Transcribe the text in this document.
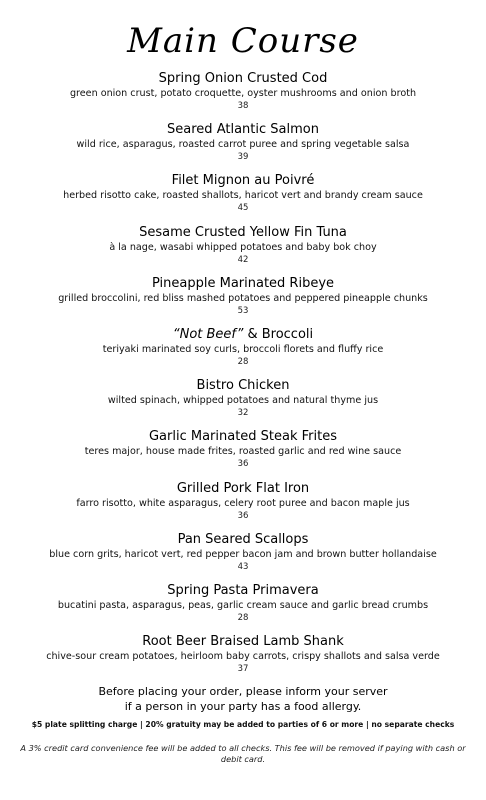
Main Course
Spring Onion Crusted Cod
green onion crust, potato croquette, oyster mushrooms and onion broth
38
Seared Atlantic Salmon
wild rice, asparagus, roasted carrot puree and spring vegetable salsa
39
Filet Mignon au Poivré
herbed risotto cake, roasted shallots, haricot vert and brandy cream sauce
45
Sesame Crusted Yellow Fin Tuna
à la nage, wasabi whipped potatoes and baby bok choy
42
Pineapple Marinated Ribeye
grilled broccolini, red bliss mashed potatoes and peppered pineapple chunks
53
“Not Beef” & Broccoli
teriyaki marinated soy curls, broccoli florets and fluffy rice
28
Bistro Chicken
wilted spinach, whipped potatoes and natural thyme jus
32
Garlic Marinated Steak Frites
teres major, house made frites, roasted garlic and red wine sauce
36
Grilled Pork Flat Iron
farro risotto, white asparagus, celery root puree and bacon maple jus
36
Pan Seared Scallops
blue corn grits, haricot vert, red pepper bacon jam and brown butter hollandaise
43
Spring Pasta Primavera
bucatini pasta, asparagus, peas, garlic cream sauce and garlic bread crumbs
28
Root Beer Braised Lamb Shank
chive-sour cream potatoes, heirloom baby carrots, crispy shallots and salsa verde
37
Before placing your order, please inform your server
if a person in your party has a food allergy.
$5 plate splitting charge | 20% gratuity may be added to parties of 6 or more | no separate checks
A 3% credit card convenience fee will be added to all checks. This fee will be removed if paying with cash or debit card.
